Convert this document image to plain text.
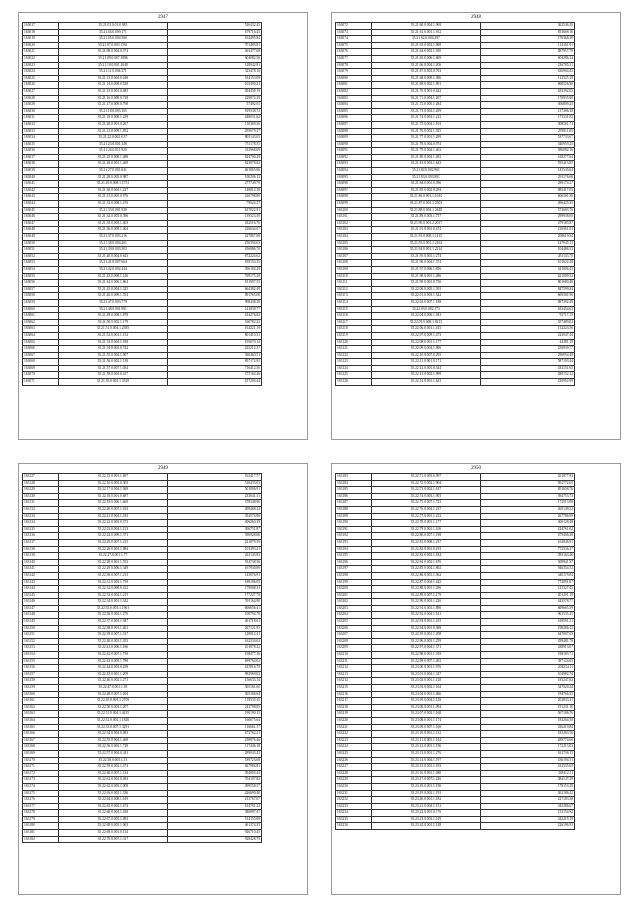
2947
163017	35.21.03.0.01.0.983	526432.45
163018	35.21.04.0.009.171	679716.45
163019	35.21.05.0.004.568	102495.84
163020	35.21.07.0.003.1561	701485.81
163021	35.21.08.0.004.0.374	363477.68
163022	35.21.09.0.007.1886	604082.56
163023	35.21.10.0.001.1048	128042.81
163024	35.21.11.0.004.371	323478.16
163025	35.21.13.0.004.0.248	534153.09
163026	35.21.14.0.009.0.528	103490.23
163027	35.21.15.0.001.0.485	494458.19
163028	35.21.16.0.008.0.728	229874.29
163029	35.21.17.0.009.0.798	57492.03
163030	35.21.18.0.003.165	919538.72
163031	35.21.19.0.008.1.239	448031.62
163032	35.21.20.0.001.0.267	110369.26
163033	35.21.21.0.009.1.852	295679.37
163034	35.21.22.0.002.0.37	805143.05
163035	35.21.23.0.001.348	751178.55
163036	35.21.24.0.011.920	312968.69
163037	35.21.25.0.008.1.488	824700.29
163038	35.21.26.0.001.1.469	825878.02
163039	35.21.27.0.001.841	461865.06
163040	35.21.28.0.005.0.987	100206.13
163041	35.21.29.0.008.1.1751	277749.79
163042	35.21.30.0.004.1.227	148012.38
163043	35.21.31.0.005.0.976	416798.80
163044	35.21.32.0.008.1.476	79024.27
163045	35.21.33.0.001.928	637022.91
163046	35.21.34.0.003.0.396	139523.58
163047	35.21.35.0.005.1.403	432516.76
163048	35.21.36.0.009.1.404	226634.67
163049	35.21.37.0.003.216	427867.08
163050	35.21.38.0.004.261	256394.63
163051	35.21.39.0.003.303	456886.70
163052	35.21.40.0.004.0.643	872224.62
163053	35.21.41.0.007.664	818154.35
163054	35.21.42.0.002.444	396184.29
163055	35.21.43.0.008.1.146	769175.20
163056	35.21.44.0.006.1.864	181997.55
163057	35.21.45.0.004.1.325	664382.49
163058	35.21.46.0.009.1.354	891765.60
163059	35.21.47.0.003.779	908438.28
163060	35.21.48.0.001.981	141039.77
163061	35.21.49.0.008.1.878	434276.02
163062	35.21.50.0.002.1.179	160782.22
163063	35.21.51.0.004.1.2385	162221.19
163064	35.21.52.0.001.1.152	801410.31
163065	35.21.53.0.004.1.918	195670.14
163066	35.21.54.0.002.0.742	225212.37
163067	35.21.55.0.004.1.907	360460.51
163068	35.21.56.0.002.1.138	857172.95
163069	35.21.57.0.007.1.034	716412.56
163070	35.21.58.0.003.0.417	375164.46
163071	35.21.59.0.002.1.3329	257204.44
2948
163072	35.21.60.0.004.1.969	362546.30
163073	35.21.61.0.001.1.912	853668.16
163074	35.21.62.0.004.297	176368.28
163075	35.21.63.0.002.1.968	114161.91
163076	35.21.64.0.002.1.930	887957.79
163077	35.21.65.0.006.1.609	604286.14
163078	35.21.66.0.004.1.206	236785.21
163079	35.21.67.0.003.0.763	636904.43
163080	35.21.68.0.009.1.386	112525.19
163081	35.21.69.0.002.1.891	860526.30
163082	35.21.70.0.001.0.622	635392.02
163083	35.21.71.0.004.1.207	170935.90
163084	35.21.72.0.005.1.284	306809.25
163085	35.21.73.0.002.1.459	137386.18
163086	35.21.74.0.003.1.212	175331.02
163087	35.21.75.0.004.1.163	508501.71
163088	35.21.76.0.002.1.925	293911.65
163089	35.21.77.0.001.1.289	537733.67
163090	35.21.78.0.004.0.974	340959.25
163091	35.21.79.0.004.1.402	586082.16
163092	35.21.80.0.004.1.492	418277.64
163093	35.21.81.0.003.1.643	595413.85
163094	35.21.82.0.002.961	145545.64
163095	35.21.83.0.003.881	291176.68
163096	35.21.84.0.001.0.396	289174.27
163097	35.21.85.0.002.0.294	885417.05
163098	35.21.86.0.001.1.1634	606301.30
163099	35.21.87.0.003.1.2503	496425.35
163100	35.21.88.0.004.1.2448	572603.76
163101	35.21.89.0.003.1.757	299938.00
163102	35.21.90.0.001.2.2017	479185.87
163103	35.21.91.0.001.0.474	216961.03
163104	35.21.92.0.008.1.1415	208619.34
163105	35.21.93.0.001.1.2164	127945.13
163106	35.21.94.0.001.1.2214	104486.33
163107	35.21.95.0.001.1.274	451133.70
163108	35.21.96.0.004.1.374	101622.28
163109	35.21.97.0.006.1.856	341006.43
163110	35.21.98.0.001.1.486	621009.52
163111	35.21.99.0.001.0.756	801680.48
163112	35.22.00.0.005.1.593	847599.24
163113	35.22.01.0.003.1.342	669301.96
163114	35.22.02.0.007.1.188	887392.49
163115	35.22.03.0.002.173	633454.62
163116	35.22.04.0.006.1.943	93717.15
163117	35.22.05.0.008.1.8213	457489.02
163118	35.22.06.0.001.1.415	132223.56
163119	35.22.07.0.009.1.473	222947.44
163120	35.22.08.0.001.1.177	44381.19
163121	35.22.09.0.004.1.906	250939.77
163122	35.22.10.0.007.0.295	296954.48
163123	35.22.11.0.001.0.171	587103.44
163124	35.22.12.0.001.0.344	433151.65
163125	35.22.13.0.002.1.999	280152.12
163126	35.22.14.0.001.1.643	230952.99
2949
163127	35.22.15.0.001.1.697	163417.77
163128	35.22.16.0.003.0.303	516433.03
163129	35.22.17.0.004.1.369	501806.91
163130	35.22.18.0.001.0.687	233641.31
163131	35.22.19.0.006.1.669	378348.96
163132	35.22.20.0.007.1.192	499468.22
163133	35.22.21.0.004.1.183	354574.86
163134	35.22.22.0.003.0.373	406260.39
163135	35.22.23.0.004.1.153	306751.87
163136	35.22.24.0.009.1.371	390928.66
163137	35.22.25.0.007.1.215	221879.59
163138	35.22.26.0.003.1.884	103393.41
163139	35.22.27.0.001.1.77	261143.83
163140	35.22.28.0.001.1.553	914738.36
163141	35.22.29.0.006.1.349	167930.89
163142	35.22.30.0.007.1.213	143076.91
163143	35.22.31.0.003.1.759	188196.05
163144	35.22.32.0.008.0.412	179008.33
163145	35.22.33.0.004.1.215	177227.76
163146	35.22.34.0.001.1.342	591164.90
163147	35.22.35.0.003.1.1961	606656.41
163148	35.22.36.0.002.1.270	100794.78
163149	35.22.37.0.003.1.947	461718.61
163150	35.22.38.0.001.1.461	267121.95
163151	35.22.39.0.007.1.317	128812.41
163152	35.22.40.0.003.1.453	162334.63
163153	35.22.41.0.006.1.186	101078.22
163154	35.22.42.0.007.1.739	198477.16
163155	35.22.43.0.005.1.788	699764.02
163156	35.22.44.0.003.0.258	437816.79
163157	35.22.45.0.001.1.209	992969.02
163158	35.22.46.0.002.1.271	156633.14
163159	35.22.47.0.001.1.39	305161.60
163160	35.22.48.0.007.1.204	365166.64
163161	35.22.49.0.003.1.2709	118535.45
163162	35.22.50.0.003.1.207	243798.85
163163	35.22.51.0.004.1.4435	190190.15
163164	35.22.52.0.004.1.1826	160675.64
163165	35.22.53.0.007.1.3291	116661.17
163166	35.22.54.0.004.0.083	672762.21
163167	35.22.55.0.004.1.468	258876.46
163168	35.22.56.0.002.1.728	117446.18
163169	35.22.57.0.004.0.411	289043.43
163170	35.22.58.0.003.1.13	189723.68
163171	35.22.59.0.002.1.474	667984.81
163172	35.22.60.0.007.1.134	394003.43
163173	35.22.61.0.002.0.494	704107.82
163174	35.22.62.0.003.1.009	499558.37
163175	35.22.63.0.002.1.336	426690.40
163176	35.22.64.0.008.1.619	213767.67
163177	35.22.65.0.002.1.474	614701.22
163178	35.22.66.0.004.1.438	386897.47
163179	35.22.67.0.003.1.093	514155.89
163180	35.22.68.0.003.1.063	461374.35
163181	35.22.69.0.001.0.134	926710.45
163182	35.22.70.0.007.1.317	928428.79
2950
163183	35.22.71.0.003.0.097	451877.93
163184	35.22.72.0.002.1.904	952772.65
163185	35.22.73.0.002.1.617	851658.76
163186	35.22.74.0.003.1.903	394753.73
163187	35.22.75.0.007.1.723	172513.08
163188	35.22.76.0.004.1.237	265149.22
163189	35.22.77.0.001.1.212	267786.99
163190	35.22.78.0.001.1.177	306128.48
163191	35.22.79.0.001.1.106	224761.02
163192	35.22.80.0.007.1.198	679406.28
163193	35.22.81.0.008.1.237	162846.91
163194	35.22.82.0.001.0.193	772336.27
163195	35.22.83.0.002.1.184	395163.46
163196	35.22.84.0.002.1.676	308941.37
163197	35.22.85.0.004.1.862	946354.52
163198	35.22.86.0.001.1.362	340179.04
163199	35.22.87.0.004.1.425	772091.07
163200	35.22.88.0.001.1.296	125327.45
163201	35.22.89.0.007.1.179	201201.19
163202	35.22.90.0.003.1.226	443578.77
163203	35.22.91.0.001.1.896	669665.39
163204	35.22.92.0.004.1.521	961535.25
163205	35.22.93.0.001.1.415	418591.21
163206	35.22.94.0.001.0.389	198286.12
163207	35.22.95.0.001.1.208	647697.65
163208	35.22.96.0.003.1.259	299481.79
163209	35.22.97.0.004.1.371	438913.07
163210	35.22.98.0.001.1.919	198183.71
163211	35.22.99.0.007.1.402	387124.65
163212	35.23.00.0.001.1.976	204234.11
163213	35.23.01.0.004.1.327	104982.74
163214	35.23.02.0.001.1.128	183247.62
163215	35.23.03.0.002.1.164	347020.24
163216	35.23.04.0.001.1.466	194766.35
163217	35.23.05.0.004.1.129	202833.31
163218	35.23.06.0.001.1.094	191231.16
163219	35.23.07.0.002.1.168	367186.76
163220	35.23.08.0.001.1.174	183264.50
163221	35.23.09.0.007.1.166	436219.84
163222	35.23.10.0.001.1.132	183263.56
163223	35.23.11.0.003.1.144	289774.60
163224	35.23.12.0.001.1.196	172213.02
163225	35.23.13.0.001.1.276	161736.13
163226	35.23.14.0.004.1.197	436194.51
163227	35.23.15.0.001.1.193	412535.65
163228	35.23.16.0.001.1.280	348112.11
163229	35.23.17.0.007.1.226	384147.29
163230	35.23.18.0.001.1.196	178153.29
163231	35.23.19.0.002.1.193	362186.42
163232	35.23.20.0.001.1.182	227183.38
163233	35.23.21.0.004.1.151	345286.67
163234	35.23.22.0.001.0.176	152154.92
163235	35.23.23.0.003.1.149	342215.19
163236	35.23.24.0.001.1.148	226196.93
